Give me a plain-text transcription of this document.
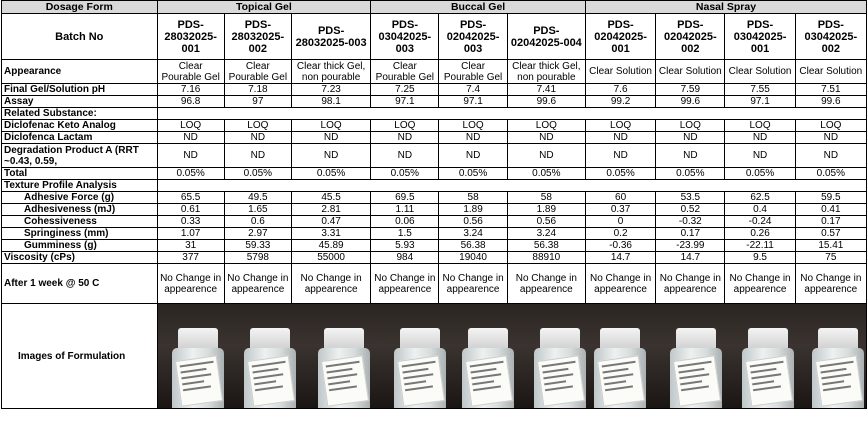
Dosage Form	Topical Gel			Buccal Gel			Nasal Spray			
Batch No	PDS-28032025-001	PDS-28032025-002	PDS-28032025-003	PDS-03042025-003	PDS-02042025-003	PDS-02042025-004	PDS-02042025-001	PDS-02042025-002	PDS-03042025-001	PDS-03042025-002
Appearance	Clear Pourable Gel	Clear Pourable Gel	Clear thick Gel, non pourable	Clear Pourable Gel	Clear Pourable Gel	Clear thick Gel, non pourable	Clear Solution	Clear Solution	Clear Solution	Clear Solution
Final Gel/Solution pH	7.16	7.18	7.23	7.25	7.4	7.41	7.6	7.59	7.55	7.51
Assay	96.8	97	98.1	97.1	97.1	99.6	99.2	99.6	97.1	99.6
Related Substance:										
Diclofenac Keto Analog	LOQ	LOQ	LOQ	LOQ	LOQ	LOQ	LOQ	LOQ	LOQ	LOQ
Diclofenca Lactam	ND	ND	ND	ND	ND	ND	ND	ND	ND	ND
Degradation Product A (RRT ~0.43, 0.59,	ND	ND	ND	ND	ND	ND	ND	ND	ND	ND
Total	0.05%	0.05%	0.05%	0.05%	0.05%	0.05%	0.05%	0.05%	0.05%	0.05%
Texture Profile Analysis										
Adhesive Force (g)	65.5	49.5	45.5	69.5	58	58	60	53.5	62.5	59.5
Adhesiveness (mJ)	0.61	1.65	2.81	1.11	1.89	1.89	0.37	0.52	0.4	0.41
Cohessiveness	0.33	0.6	0.47	0.06	0.56	0.56	0	-0.32	-0.24	0.17
Springiness (mm)	1.07	2.97	3.31	1.5	3.24	3.24	0.2	0.17	0.26	0.57
Gumminess (g)	31	59.33	45.89	5.93	56.38	56.38	-0.36	-23.99	-22.11	15.41
Viscosity (cPs)	377	5798	55000	984	19040	88910	14.7	14.7	9.5	75
After 1 week @ 50 C	No Change in appearence	No Change in appearence	No Change in appearence	No Change in appearence	No Change in appearence	No Change in appearence	No Change in appearence	No Change in appearence	No Change in appearence	No Change in appearence
Images of Formulation										
